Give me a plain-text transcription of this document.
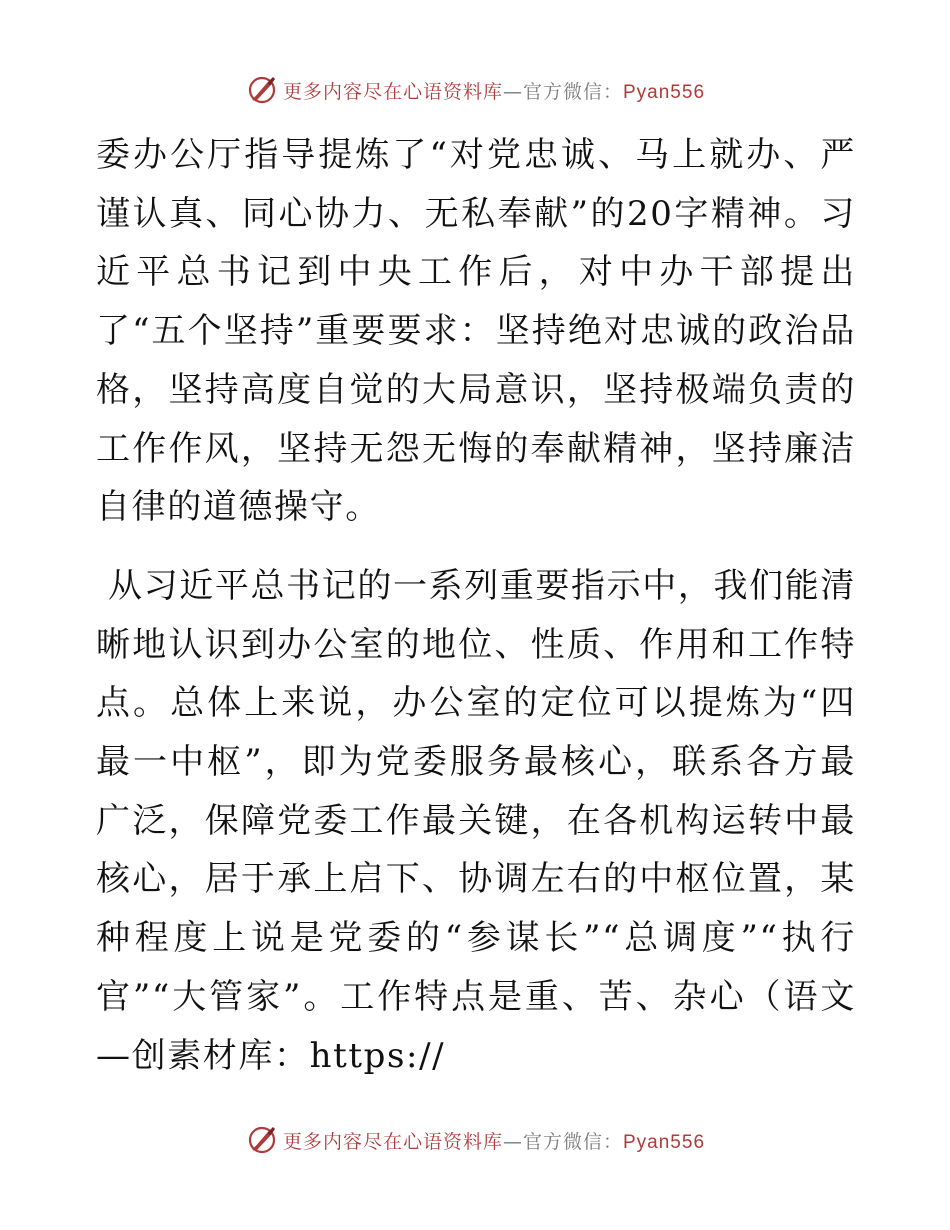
更多内容尽在心语资料库—官方微信：Pyan556

委办公厅指导提炼了“对党忠诚、马上就办、严谨认真、同心协力、无私奉献”的20字精神。习近平总书记到中央工作后，对中办干部提出了“五个坚持”重要要求：坚持绝对忠诚的政治品格，坚持高度自觉的大局意识，坚持极端负责的工作作风，坚持无怨无悔的奉献精神，坚持廉洁自律的道德操守。

从习近平总书记的一系列重要指示中，我们能清晰地认识到办公室的地位、性质、作用和工作特点。总体上来说，办公室的定位可以提炼为“四最一中枢”，即为党委服务最核心，联系各方最广泛，保障党委工作最关键，在各机构运转中最核心，居于承上启下、协调左右的中枢位置，某种程度上说是党委的“参谋长”“总调度”“执行官”“大管家”。工作特点是重、苦、杂心（语文—创素材库：https://

更多内容尽在心语资料库—官方微信：Pyan556
